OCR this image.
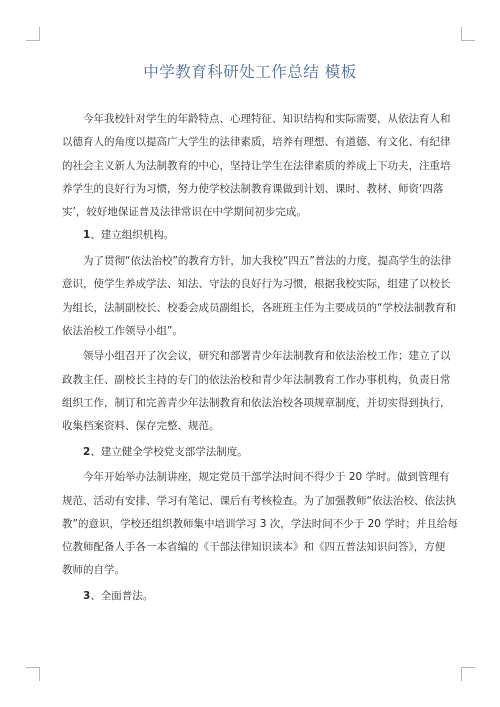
中学教育科研处工作总结 模板

今年我校针对学生的年龄特点、心理特征、知识结构和实际需要，从依法育人和
以德育人的角度以提高广大学生的法律素质，培养有理想、有道德、有文化、有纪律
的社会主义新人为法制教育的中心，坚持让学生在法律素质的养成上下功夫，注重培
养学生的良好行为习惯，努力使学校法制教育课做到计划、课时、教材、师资‘四落
实’，较好地保证普及法律常识在中学期间初步完成。

1、建立组织机构。

为了贯彻“依法治校”的教育方针，加大我校“四五”普法的力度，提高学生的法律
意识，使学生养成学法、知法、守法的良好行为习惯，根据我校实际，组建了以校长
为组长，法制副校长、校委会成员副组长，各班班主任为主要成员的“学校法制教育和
依法治校工作领导小组”。

领导小组召开了次会议，研究和部署青少年法制教育和依法治校工作；建立了以
政教主任、副校长主持的专门的依法治校和青少年法制教育工作办事机构，负责日常
组织工作，制订和完善青少年法制教育和依法治校各项规章制度，并切实得到执行，
收集档案资料、保存完整、规范。

2、建立健全学校党支部学法制度。

今年开始举办法制讲座，规定党员干部学法时间不得少于 20 学时。做到管理有
规范、活动有安排、学习有笔记、课后有考核检查。为了加强教师“依法治校、依法执
教”的意识，学校还组织教师集中培训学习 3 次，学法时间不少于 20 学时；并且给每
位教师配备人手各一本省编的《干部法律知识读本》和《四五普法知识问答》，方便
教师的自学。

3、全面普法。
